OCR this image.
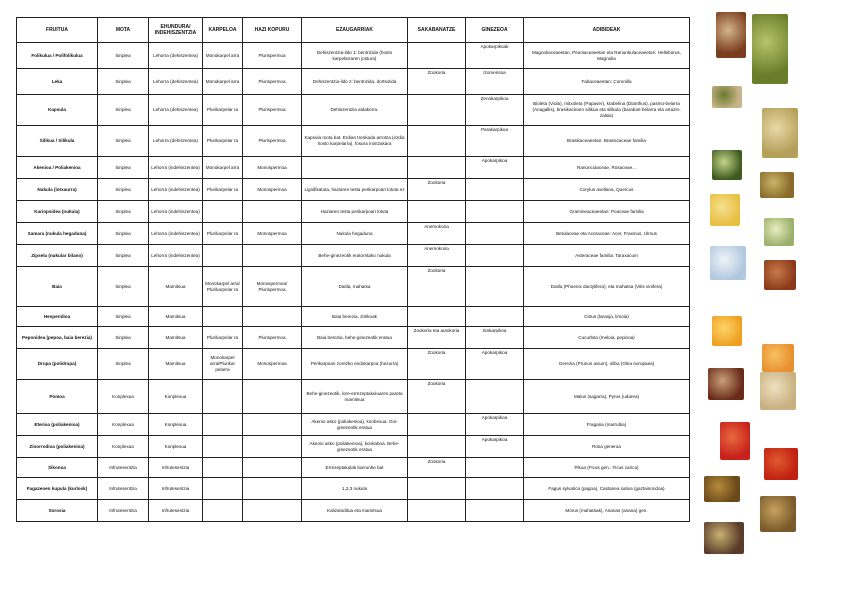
FRUITUA	MOTA	EHUNDURA/ INDEHISZENTZIA	KARPELOA	HAZI KOPURU	EZAUGARRIAK	SAKABANATZE	GINEZEOA	ADIBIDEAK
Folikulua / Polifolikulua	Sinplea	Lehorra (dehiszentea)	Monokarpel arra	Plurispermoa	Dehiszentzia-ildo 1: bentrizida (hosto karpelarraren josturа)		Apokarpikoak	Magnoliaceaeetan, Peoniaceaeetan eta Ranunkulaceaeetan: Helleborus, Magnolia
Leka	Sinplea	Lehorra (dehiszentea)	Monokarpel arra	Plurispermoa	Dehiszentzia-ildo 2: bentrizida, dortsizida	Zookoria	Izomerisoa	Fabaceaeetan: Coronilla
Kapsula	Sinplea	Lehorra (dehiszentea)	Plurikarpelar ra	Plurispermoa	Dehiszentzia aldakorra.		Zenokarpikoa	Bioleta (Viola), mitxoleta (Papaver), krabelina (Dianthus), pasmo-belarra (Anagallis), brasikaceoen silikua eta silikula (barabari-belarra eta artazin-zalsia)
Silikua / Silikula	Sinplea	Lehorra (dehiszentea)	Plurikarpelar ra	Plurispermoa	Kapsula mota bat. Erdian trenkada arrotza (ezdia hosto karpelarra), fosura mintzakara		Parakarpikoa	Brasikaceaeetan: Brassicaceae familia
Akenioa / Poliakenioa	Sinplea	Lehorra (indehiszentea)	Monokarpel arra	Monospermoa			Apokarpikoa	Ranunculaceae, Rosaceae...
Nukula (intxaurra)	Sinplea	Lehorra (indehiszentea)	Plurikarpelar ra	Monospermoa	Lignifikatuta, haziaren testa perikarpoari lotuta ez	Zookoria		Corylus avellana, Quercus
Kariopsidea (nukula)	Sinplea	Lehorra (indehiszentea)			Haziaren testa perikarpoari lotuta			Gramineaceaeetan: Poaceae familia
Samara (nukula hegaduna)	Sinplea	Lehorra (indehiszentea)	Plurikarpelar ra	Monospermoa	Nukula hegaduna	Anemokoria		Betulaceae eta Aceraceae: Acer, Fraxinus, Ulmus
Zipsela (nukular bilano)	Sinplea	Lehorra (indehiszentea)			Behe-ginezeotik eratorritako nukula	Anemokoria		Asteraceae familia: Taraxacum
Baia	Sinplea	Mamitsua	Monokarpel arra/ Plurikarpelar ra	Monospermoa/ Plurispermoa	Datila, mahatsa	Zookoria		Datila (Phoenix dactylifera), eta mahatsa (Vitis vinifera)
Hesperidioa	Sinplea	Mamitsua			Baia berezia, zitrikoak			Citrus (laranja, limoia)
Peponidea (pepoa, baia berezia)	Sinplea	Mamitsua	Plurikarpelar ra	Plurispermoa	Baia berezia, behe-ginezeotik eratua	Zookoria eta autokoria	Sinkarpikoa	Cucurbita (meloia, pepinoa)
Drupa (polidrupa)	Sinplea	Mamitsua	Monokarpel arra/Plurikar pelarra	Monospermoa	Perikarpoan zurezko endokarpoa (hezurra)	Zookoria	Apokarpikoa	Gerezia (Prunus avium), olibа (Olea europaea)
Pomoa	Konplexua	Konplexua			Behe-ginezeotik, lore-errezeptakuluaren pareta mamitsua	Zookoria		Malus (sagarra), Pyrus (udarea)
Eterioa (poliakenioa)	Konplexua	Konplexua			Akenio asko (poliakenioa), konbexua. Goi-ginezeotik eratua		Apokarpikoa	Fragaria (marrubia)
Zinorrodioa (poliakenioa)	Konplexua	Konplexua			Akenio asko (poliakenioa), konkaboa. Behe-ginezeotik eratua		Apokarpikoa	Rosa generoa
Sikonoa	Infrutesentzia	Infrutesentzia			Errezeptakulak barrunbe bat	Zookoria		Pikua (Ficus gen.: Ficus carica)
Fagazeoen kupula (kurlosk)	Infrutesentzia	Infrutesentzia			1,2,3 nukula			Fagus sylvatica (pagoa), Castanea sativa (gaztainondoa)
Sorosia	Infrutesentzia	Infrutesentzia			Kalizaloditua eta mamitsua			Morus (mahatsak), Ananas (anana) gen.
